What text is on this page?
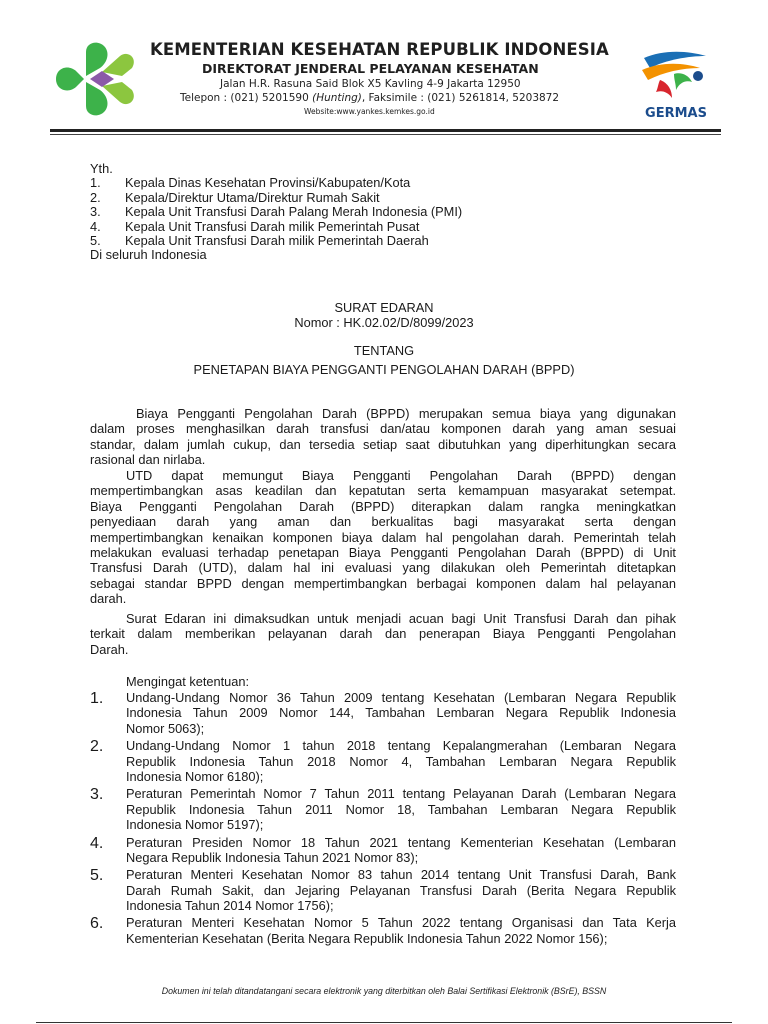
KEMENTERIAN KESEHATAN REPUBLIK INDONESIA
DIREKTORAT JENDERAL PELAYANAN KESEHATAN
Jalan H.R. Rasuna Said Blok X5 Kavling 4-9 Jakarta 12950
Telepon : (021) 5201590 (Hunting), Faksimile : (021) 5261814, 5203872
Website:www.yankes.kemkes.go.id	GERMAS
Yth.
1. Kepala Dinas Kesehatan Provinsi/Kabupaten/Kota
2. Kepala/Direktur Utama/Direktur Rumah Sakit
3. Kepala Unit Transfusi Darah Palang Merah Indonesia (PMI)
4. Kepala Unit Transfusi Darah milik Pemerintah Pusat
5. Kepala Unit Transfusi Darah milik Pemerintah Daerah
Di seluruh Indonesia
SURAT EDARAN
Nomor : HK.02.02/D/8099/2023
TENTANG
PENETAPAN BIAYA PENGGANTI PENGOLAHAN DARAH (BPPD)
Biaya Pengganti Pengolahan Darah (BPPD) merupakan semua biaya yang digunakan
dalam proses menghasilkan darah transfusi dan/atau komponen darah yang aman sesuai
standar, dalam jumlah cukup, dan tersedia setiap saat dibutuhkan yang diperhitungkan secara
rasional dan nirlaba.
UTD dapat memungut Biaya Pengganti Pengolahan Darah (BPPD) dengan
mempertimbangkan asas keadilan dan kepatutan serta kemampuan masyarakat setempat.
Biaya Pengganti Pengolahan Darah (BPPD) diterapkan dalam rangka meningkatkan
penyediaan darah yang aman dan berkualitas bagi masyarakat serta dengan
mempertimbangkan kenaikan komponen biaya dalam hal pengolahan darah. Pemerintah telah
melakukan evaluasi terhadap penetapan Biaya Pengganti Pengolahan Darah (BPPD) di Unit
Transfusi Darah (UTD), dalam hal ini evaluasi yang dilakukan oleh Pemerintah ditetapkan
sebagai standar BPPD dengan mempertimbangkan berbagai komponen dalam hal pelayanan
darah.
Surat Edaran ini dimaksudkan untuk menjadi acuan bagi Unit Transfusi Darah dan pihak
terkait dalam memberikan pelayanan darah dan penerapan Biaya Pengganti Pengolahan
Darah.
Mengingat ketentuan:
1. Undang-Undang Nomor 36 Tahun 2009 tentang Kesehatan (Lembaran Negara Republik
Indonesia Tahun 2009 Nomor 144, Tambahan Lembaran Negara Republik Indonesia
Nomor 5063);
2. Undang-Undang Nomor 1 tahun 2018 tentang Kepalangmerahan (Lembaran Negara
Republik Indonesia Tahun 2018 Nomor 4, Tambahan Lembaran Negara Republik
Indonesia Nomor 6180);
3. Peraturan Pemerintah Nomor 7 Tahun 2011 tentang Pelayanan Darah (Lembaran Negara
Republik Indonesia Tahun 2011 Nomor 18, Tambahan Lembaran Negara Republik
Indonesia Nomor 5197);
4. Peraturan Presiden Nomor 18 Tahun 2021 tentang Kementerian Kesehatan (Lembaran
Negara Republik Indonesia Tahun 2021 Nomor 83);
5. Peraturan Menteri Kesehatan Nomor 83 tahun 2014 tentang Unit Transfusi Darah, Bank
Darah Rumah Sakit, dan Jejaring Pelayanan Transfusi Darah (Berita Negara Republik
Indonesia Tahun 2014 Nomor 1756);
6. Peraturan Menteri Kesehatan Nomor 5 Tahun 2022 tentang Organisasi dan Tata Kerja
Kementerian Kesehatan (Berita Negara Republik Indonesia Tahun 2022 Nomor 156);
Dokumen ini telah ditandatangani secara elektronik yang diterbitkan oleh Balai Sertifikasi Elektronik (BSrE), BSSN
